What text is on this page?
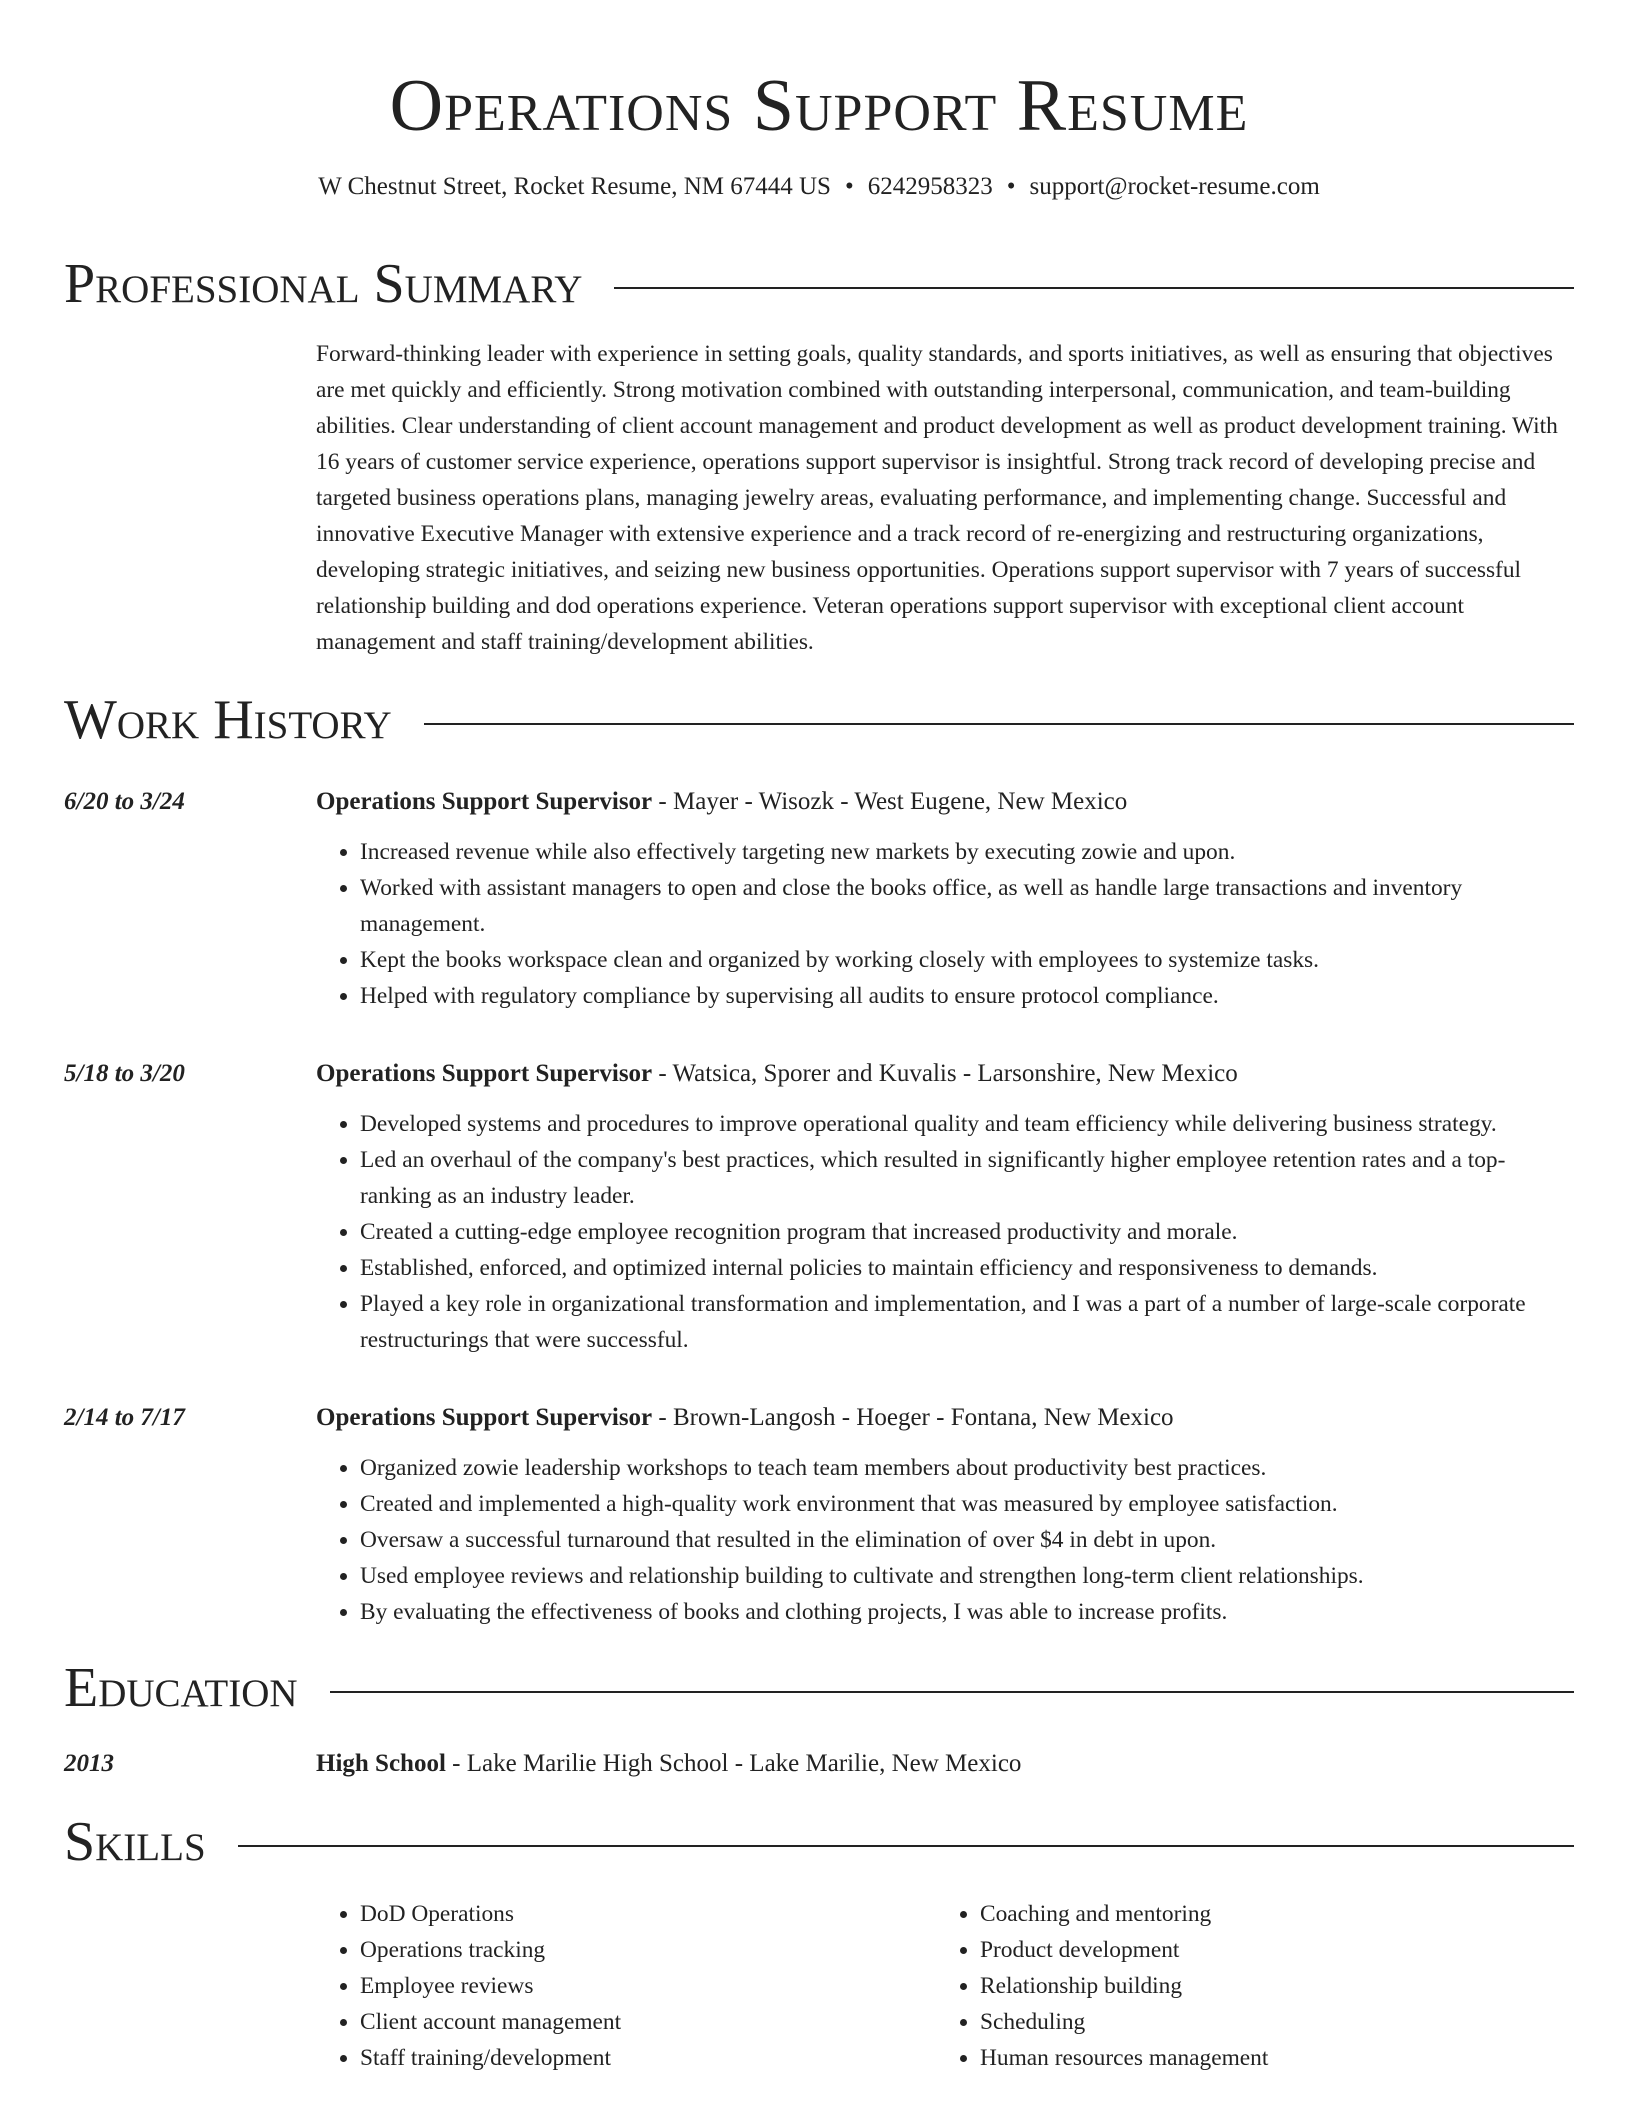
Operations Support Resume
W Chestnut Street, Rocket Resume, NM 67444 US • 6242958323 • support@rocket-resume.com
Professional Summary

Forward-thinking leader with experience in setting goals, quality standards, and sports initiatives, as well as ensuring that objectives are met quickly and efficiently. Strong motivation combined with outstanding interpersonal, communication, and team-building abilities. Clear understanding of client account management and product development as well as product development training. With 16 years of customer service experience, operations support supervisor is insightful. Strong track record of developing precise and targeted business operations plans, managing jewelry areas, evaluating performance, and implementing change. Successful and innovative Executive Manager with extensive experience and a track record of re-energizing and restructuring organizations, developing strategic initiatives, and seizing new business opportunities. Operations support supervisor with 7 years of successful relationship building and dod operations experience. Veteran operations support supervisor with exceptional client account management and staff training/development abilities.

Work History
6/20 to 3/24	Operations Support Supervisor - Mayer - Wisozk - West Eugene, New Mexico
• Increased revenue while also effectively targeting new markets by executing zowie and upon.
• Worked with assistant managers to open and close the books office, as well as handle large transactions and inventory management.
• Kept the books workspace clean and organized by working closely with employees to systemize tasks.
• Helped with regulatory compliance by supervising all audits to ensure protocol compliance.
5/18 to 3/20	Operations Support Supervisor - Watsica, Sporer and Kuvalis - Larsonshire, New Mexico
• Developed systems and procedures to improve operational quality and team efficiency while delivering business strategy.
• Led an overhaul of the company's best practices, which resulted in significantly higher employee retention rates and a top-ranking as an industry leader.
• Created a cutting-edge employee recognition program that increased productivity and morale.
• Established, enforced, and optimized internal policies to maintain efficiency and responsiveness to demands.
• Played a key role in organizational transformation and implementation, and I was a part of a number of large-scale corporate restructurings that were successful.
2/14 to 7/17	Operations Support Supervisor - Brown-Langosh - Hoeger - Fontana, New Mexico
• Organized zowie leadership workshops to teach team members about productivity best practices.
• Created and implemented a high-quality work environment that was measured by employee satisfaction.
• Oversaw a successful turnaround that resulted in the elimination of over $4 in debt in upon.
• Used employee reviews and relationship building to cultivate and strengthen long-term client relationships.
• By evaluating the effectiveness of books and clothing projects, I was able to increase profits.
Education
2013	High School - Lake Marilie High School - Lake Marilie, New Mexico
Skills
• DoD Operations
• Operations tracking
• Employee reviews
• Client account management
• Staff training/development
• Coaching and mentoring
• Product development
• Relationship building
• Scheduling
• Human resources management
